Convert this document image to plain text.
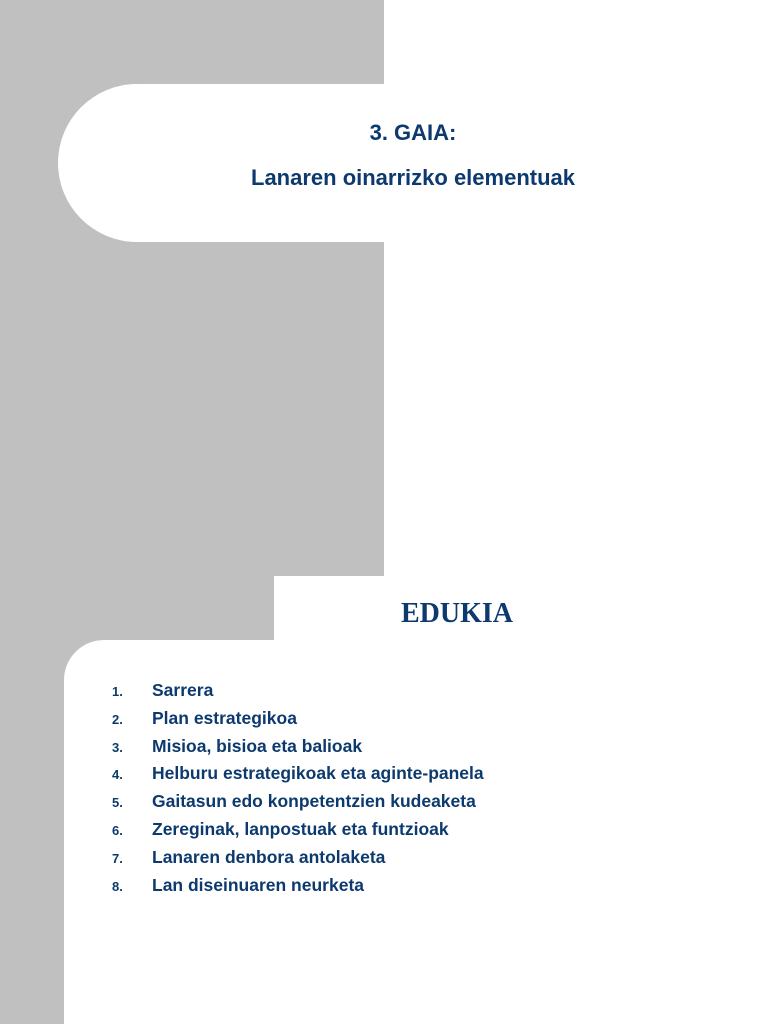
3. GAIA:
Lanaren oinarrizko elementuak
EDUKIA
1.	Sarrera
2.	Plan estrategikoa
3.	Misioa, bisioa eta balioak
4.	Helburu estrategikoak eta aginte-panela
5.	Gaitasun edo konpetentzien kudeaketa
6.	Zereginak, lanpostuak eta funtzioak
7.	Lanaren denbora antolaketa
8.	Lan diseinuaren neurketa
